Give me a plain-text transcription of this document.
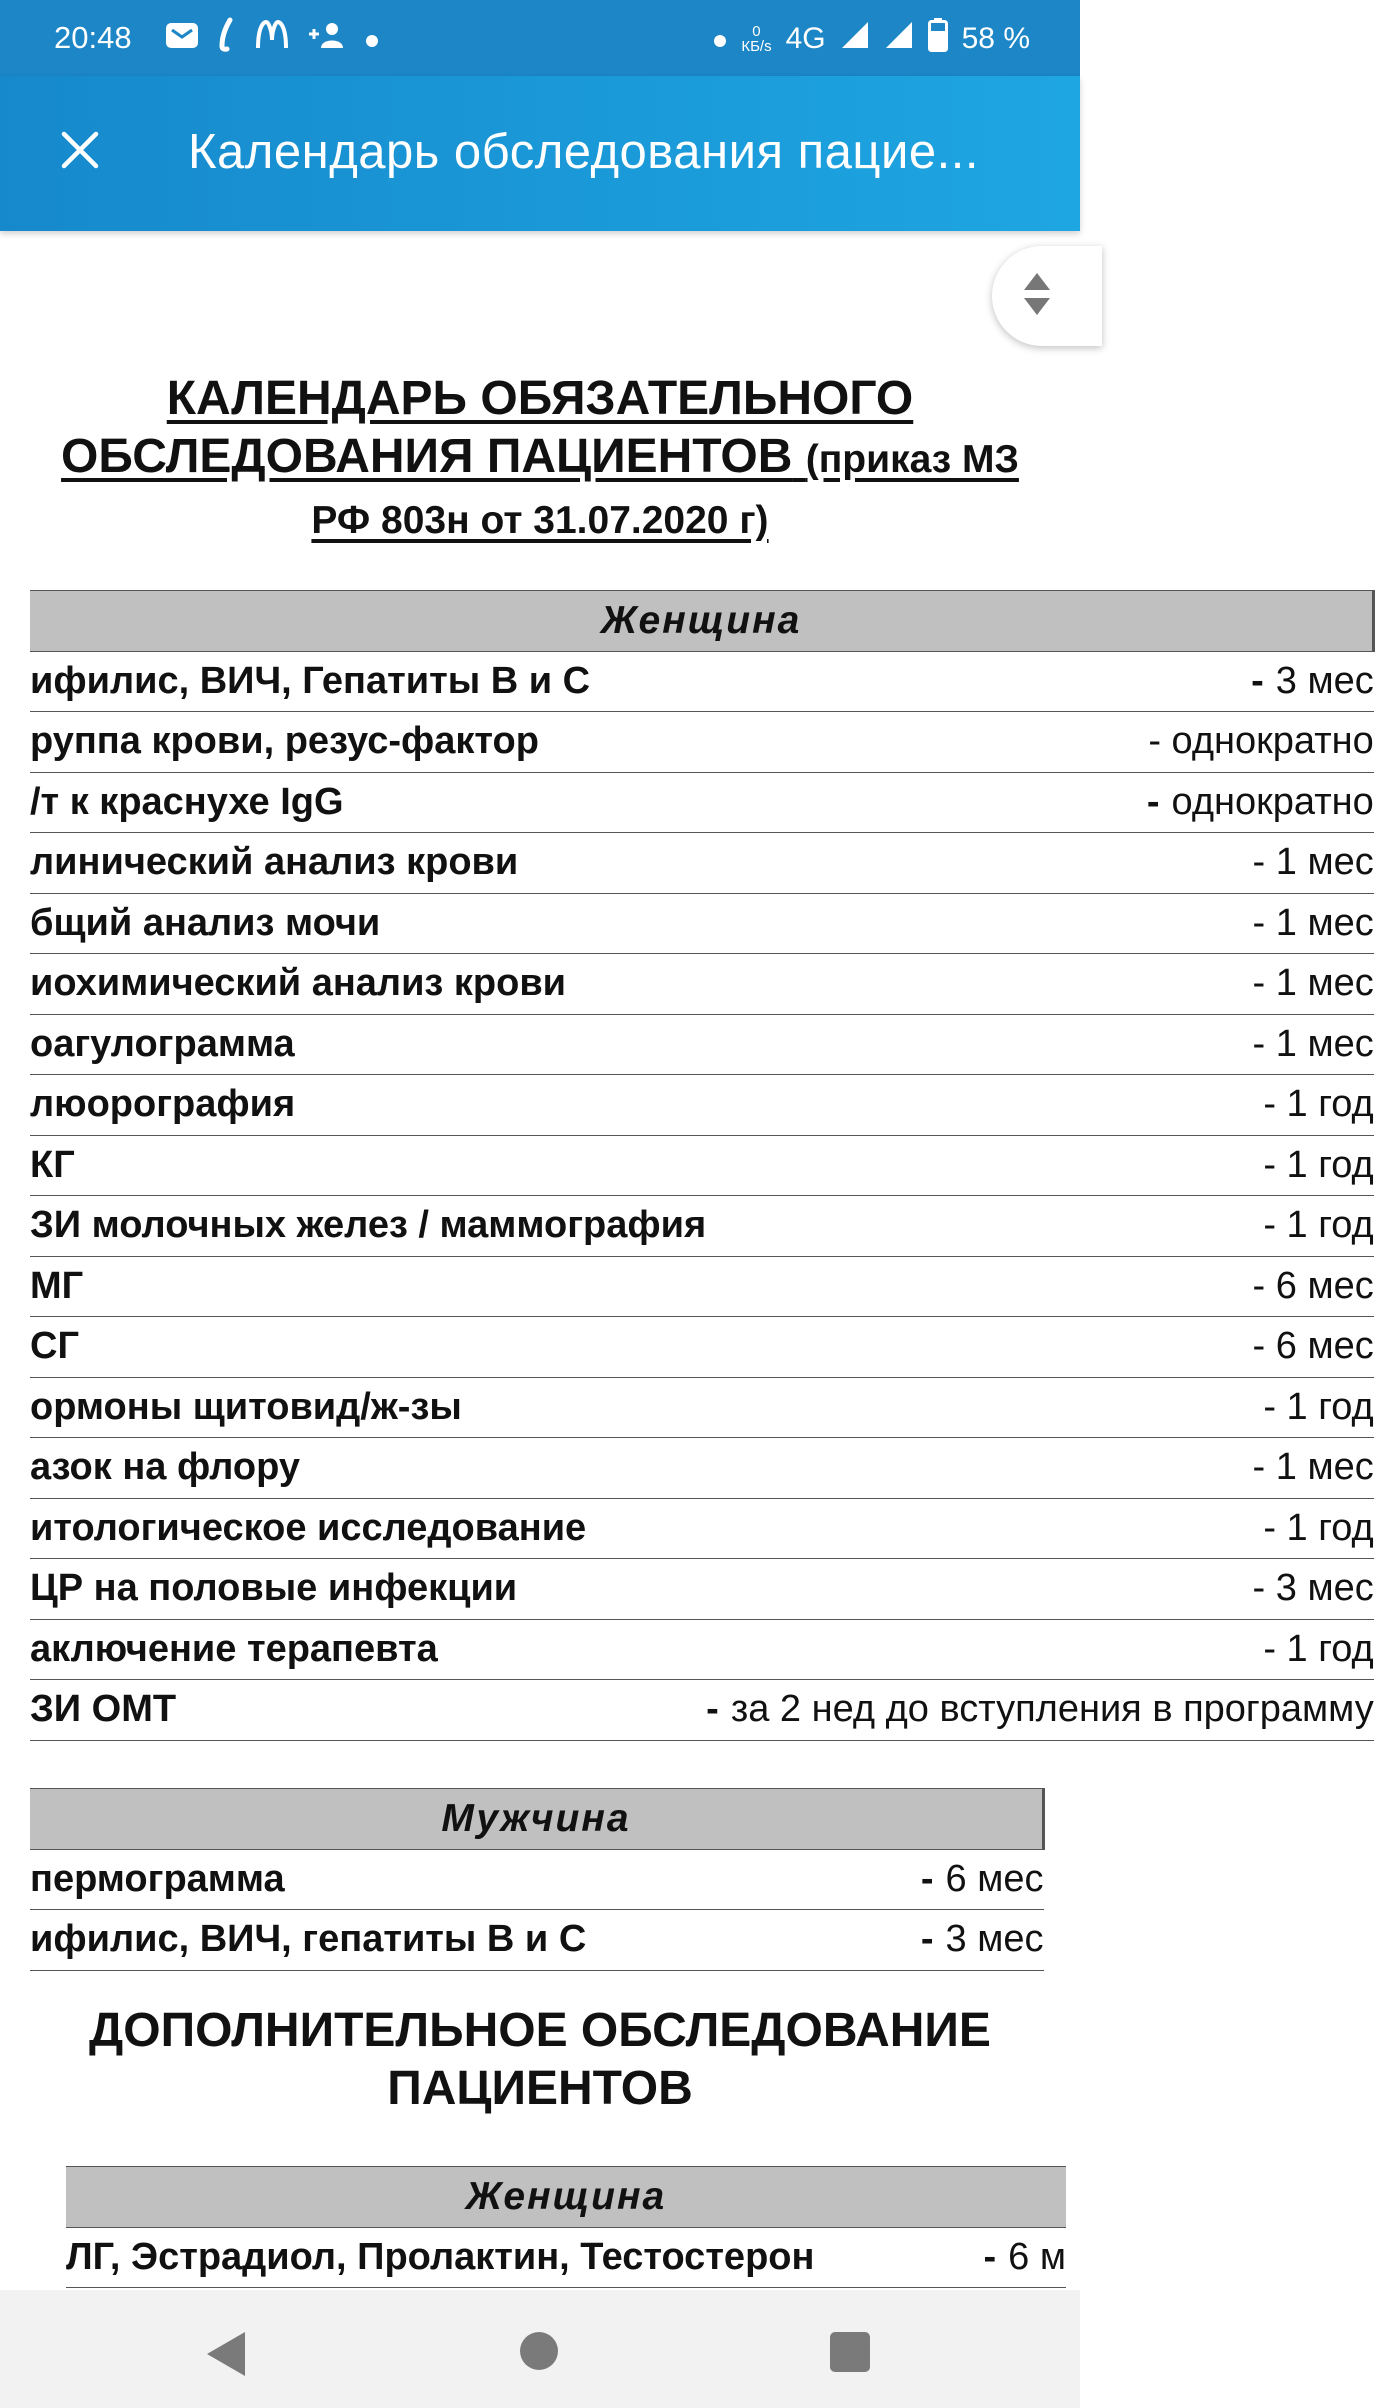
КАЛЕНДАРЬ ОБЯЗАТЕЛЬНОГО
ОБСЛЕДОВАНИЯ ПАЦИЕНТОВ (приказ МЗ
РФ 803н от 31.07.2020 г)
Женщина	
ифилис, ВИЧ, Гепатиты В и С	- 3 мес
руппа крови, резус-фактор	- однократно
/т к краснухе IgG	- однократно
линический анализ крови	- 1 мес
бщий анализ мочи	- 1 мес
иохимический анализ крови	- 1 мес
оагулограмма	- 1 мес
люорография	- 1 год
КГ	- 1 год
ЗИ молочных желез / маммография	- 1 год
МГ	- 6 мес
СГ	- 6 мес
ормоны щитовид/ж-зы	- 1 год
азок на флору	- 1 мес
итологическое исследование	- 1 год
ЦР на половые инфекции	- 3 мес
аключение терапевта	- 1 год
ЗИ ОМТ	- за 2 нед до вступления в программу
Мужчина	
пермограмма	- 6 мес
ифилис, ВИЧ, гепатиты В и С	- 3 мес
ДОПОЛНИТЕЛЬНОЕ ОБСЛЕДОВАНИЕ
ПАЦИЕНТОВ
Женщина
ЛГ, Эстрадиол, Пролактин, Тестостерон	- 6 м
20:48	0
КБ/s 4G	58 %
Календарь обследования пацие...
